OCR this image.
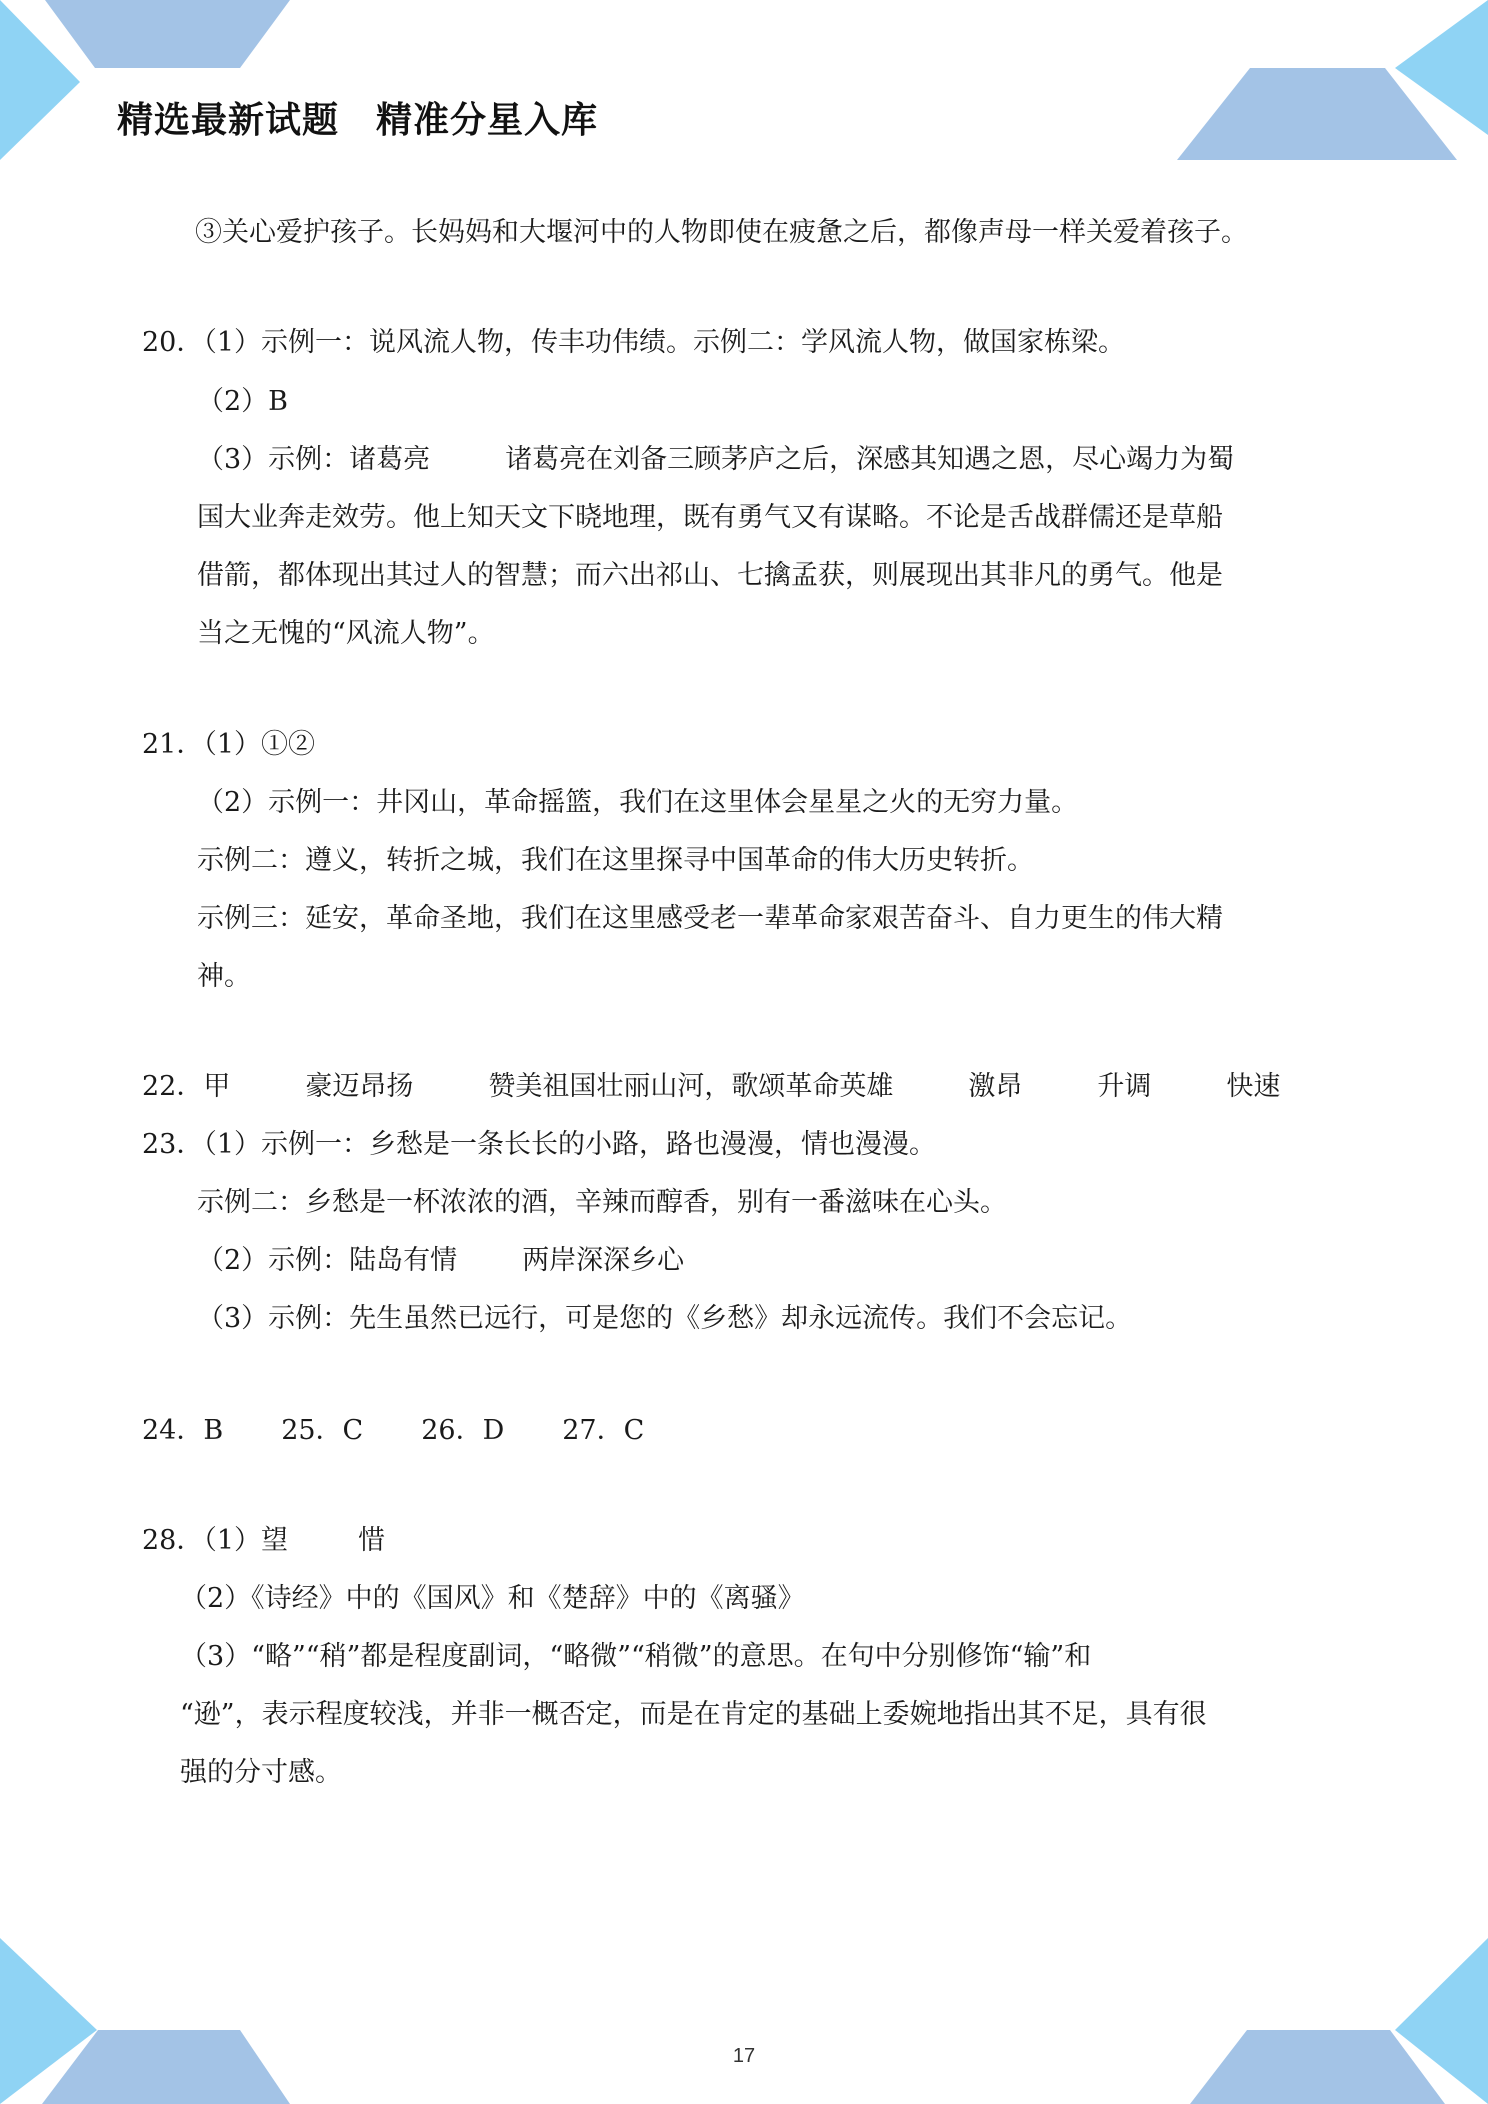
精选最新试题　精准分星入库
③关心爱护孩子。长妈妈和大堰河中的人物即使在疲惫之后，都像声母一样关爱着孩子。
20．（1）示例一：说风流人物，传丰功伟绩。示例二：学风流人物，做国家栋梁。
（2）B
（3）示例：诸葛亮	诸葛亮在刘备三顾茅庐之后，深感其知遇之恩，尽心竭力为蜀
国大业奔走效劳。他上知天文下晓地理，既有勇气又有谋略。不论是舌战群儒还是草船
借箭，都体现出其过人的智慧；而六出祁山、七擒孟获，则展现出其非凡的勇气。他是
当之无愧的“风流人物”。
21．（1）①②
（2）示例一：井冈山，革命摇篮，我们在这里体会星星之火的无穷力量。
示例二：遵义，转折之城，我们在这里探寻中国革命的伟大历史转折。
示例三：延安，革命圣地，我们在这里感受老一辈革命家艰苦奋斗、自力更生的伟大精
神。
22．甲	豪迈昂扬	赞美祖国壮丽山河，歌颂革命英雄	激昂	升调	快速
23．（1）示例一：乡愁是一条长长的小路，路也漫漫，情也漫漫。
示例二：乡愁是一杯浓浓的酒，辛辣而醇香，别有一番滋味在心头。
（2）示例：陆岛有情 两岸深深乡心
（3）示例：先生虽然已远行，可是您的《乡愁》却永远流传。我们不会忘记。
24．B 25．C 26．D 27．C
28．（1）望	惜
（2）《诗经》中的《国风》和《楚辞》中的《离骚》
（3）“略”“稍”都是程度副词，“略微”“稍微”的意思。在句中分别修饰“输”和
“逊”，表示程度较浅，并非一概否定，而是在肯定的基础上委婉地指出其不足，具有很
强的分寸感。
17
